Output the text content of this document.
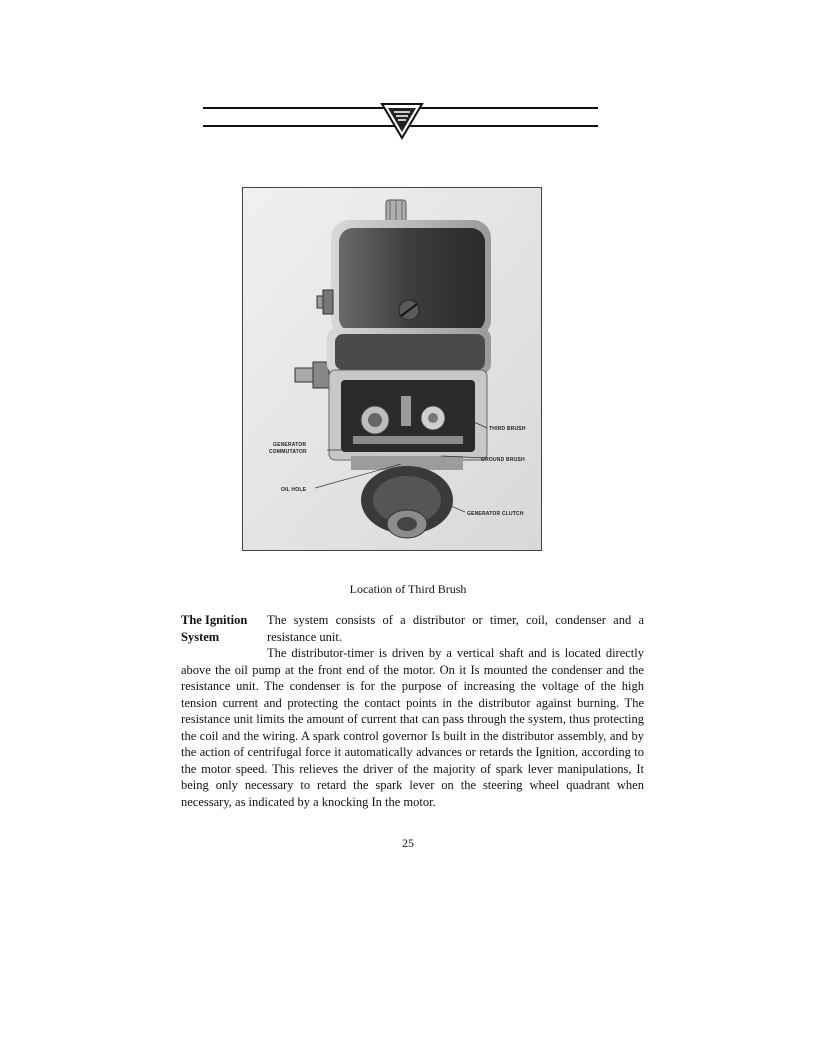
THIRD BRUSH
GENERATOR
COMMUTATOR
GROUND BRUSH
OIL HOLE
GENERATOR CLUTCH
Location of Third Brush
The Ignition
System
The system consists of a distributor or timer, coil, condenser and a resistance unit.
The distributor-timer is driven by a vertical shaft and is located directly above the oil pump at the front end of the motor. On it Is mounted the condenser and the resistance unit. The condenser is for the purpose of increasing the voltage of the high tension current and protecting the contact points in the distributor against burning. The resistance unit limits the amount of current that can pass through the system, thus protecting the coil and the wiring. A spark control governor Is built in the distributor assembly, and by the action of centrifugal force it automatically advances or retards the Ignition, according to the motor speed. This relieves the driver of the majority of spark lever manipulations, It being only necessary to retard the spark lever on the steering wheel quadrant when necessary, as indicated by a knocking In the motor.
25
